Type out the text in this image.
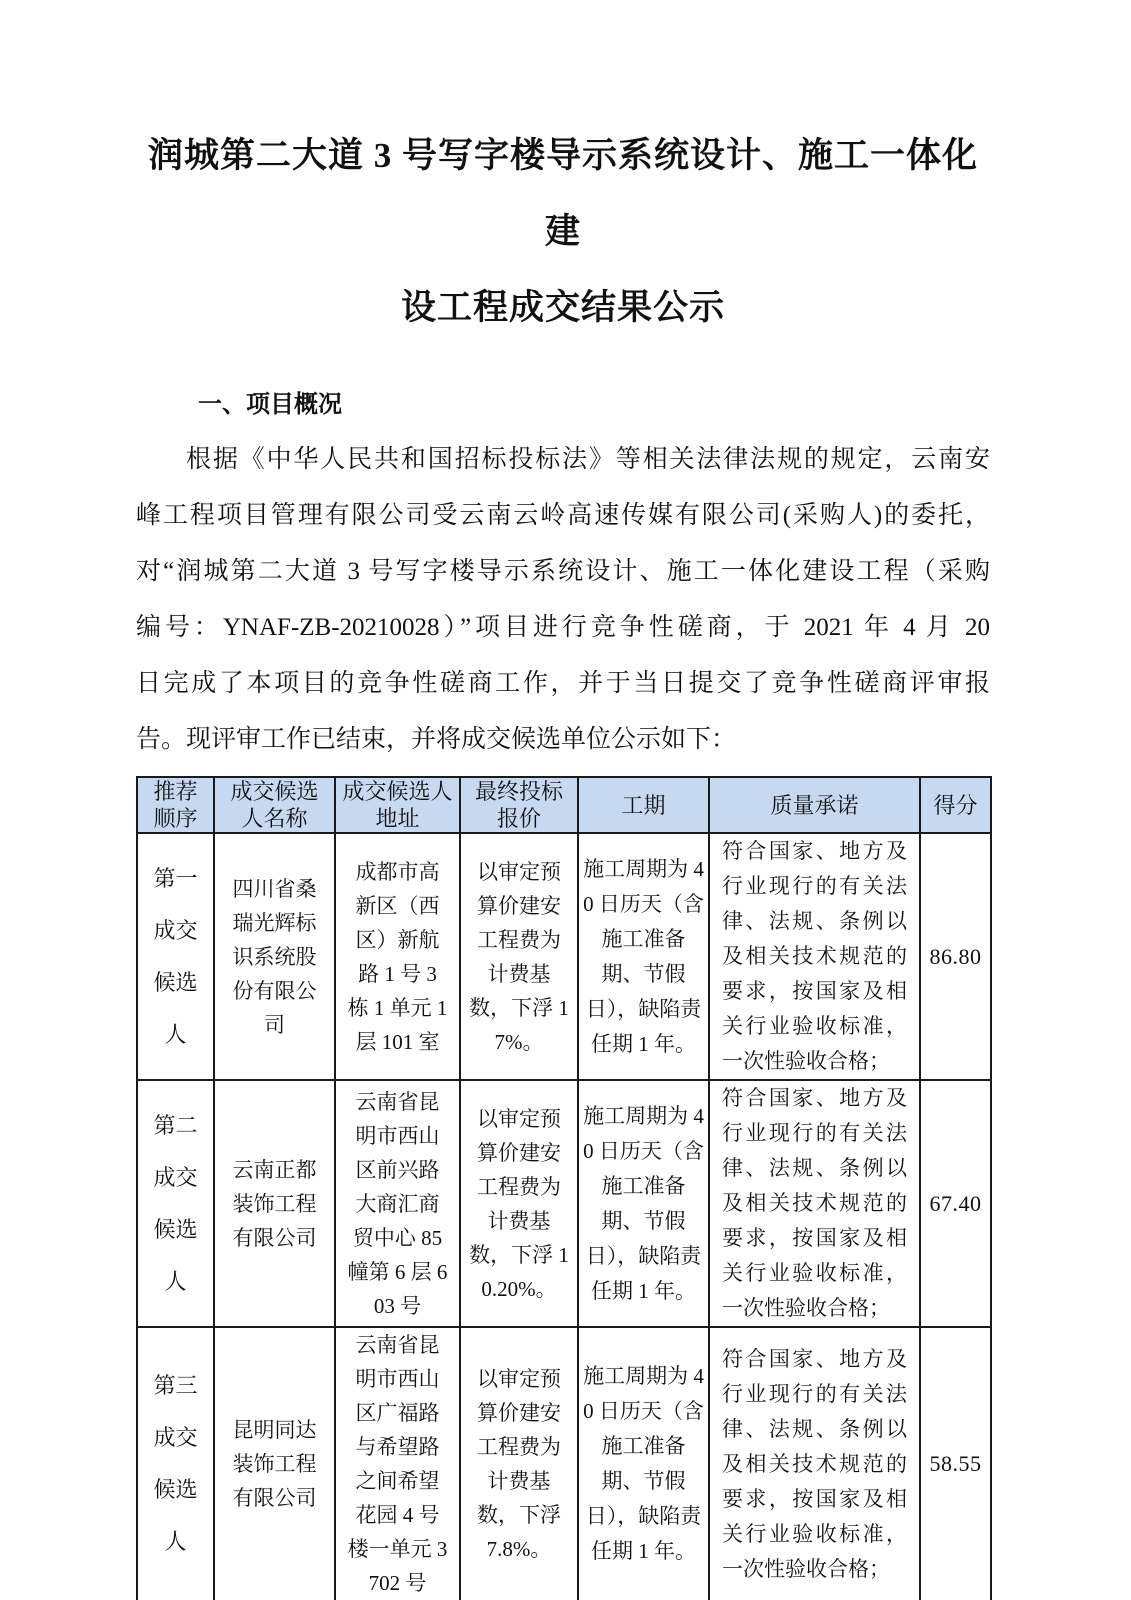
润城第二大道 3 号写字楼导示系统设计、施工一体化建
设工程成交结果公示
一、项目概况
根据《中华人民共和国招标投标法》等相关法律法规的规定，云南安
峰工程项目管理有限公司受云南云岭高速传媒有限公司(采购人)的委托，
对“润城第二大道 3 号写字楼导示系统设计、施工一体化建设工程（采购
编号：YNAF-ZB-20210028）”项目进行竞争性磋商，于 2021 年 4 月 20
日完成了本项目的竞争性磋商工作，并于当日提交了竞争性磋商评审报
告。现评审工作已结束，并将成交候选单位公示如下：
推荐顺序	成交候选人名称	成交候选人地址	最终投标报价	工期	质量承诺	得分
第一成交候选人	四川省桑瑞光辉标识系统股份有限公司	成都市高新区（西区）新航路 1 号 3 栋 1 单元 1 层 101 室	以审定预算价建安工程费为计费基数，下浮 17%。	施工周期为 40 日历天（含施工准备期、节假日），缺陷责任期 1 年。	符合国家、地方及行业现行的有关法律、法规、条例以及相关技术规范的要求，按国家及相关行业验收标准，一次性验收合格；	86.80
第二成交候选人	云南正都装饰工程有限公司	云南省昆明市西山区前兴路大商汇商贸中心 85 幢第 6 层 603 号	以审定预算价建安工程费为计费基数，下浮 10.20%。	施工周期为 40 日历天（含施工准备期、节假日），缺陷责任期 1 年。	符合国家、地方及行业现行的有关法律、法规、条例以及相关技术规范的要求，按国家及相关行业验收标准，一次性验收合格；	67.40
第三成交候选人	昆明同达装饰工程有限公司	云南省昆明市西山区广福路与希望路之间希望花园 4 号楼一单元 3702 号	以审定预算价建安工程费为计费基数，下浮 7.8%。	施工周期为 40 日历天（含施工准备期、节假日），缺陷责任期 1 年。	符合国家、地方及行业现行的有关法律、法规、条例以及相关技术规范的要求，按国家及相关行业验收标准，一次性验收合格；	58.55
